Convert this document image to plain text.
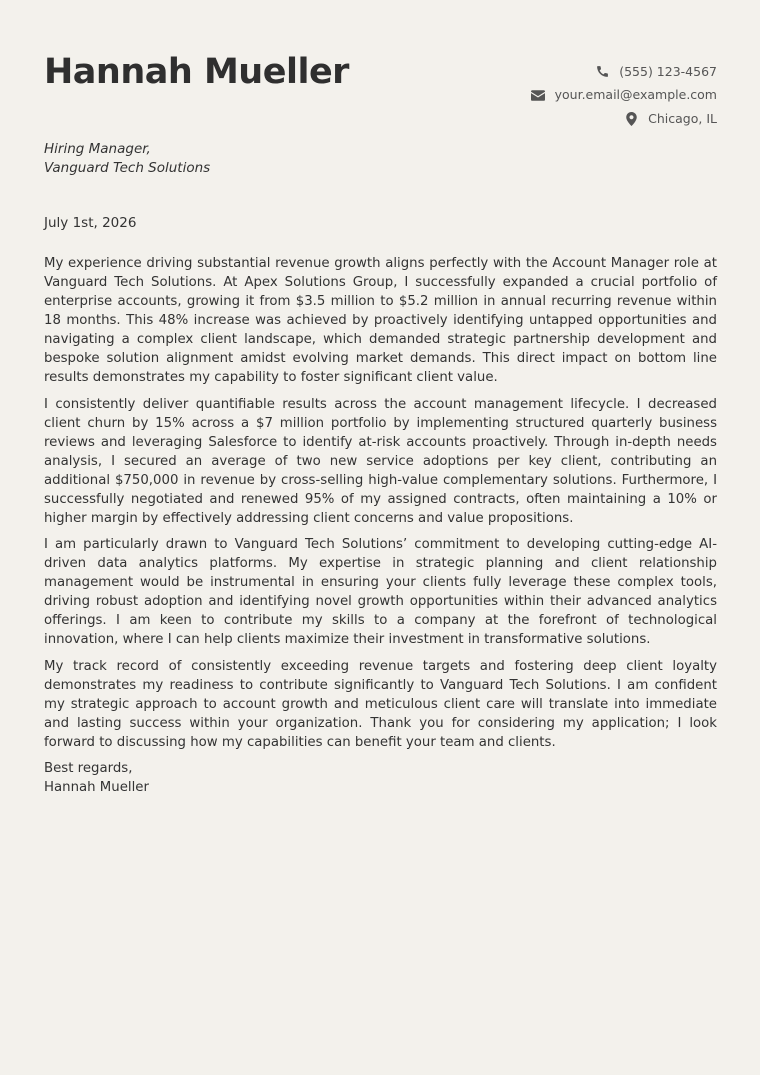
Hannah Mueller	(555) 123-4567
your.email@example.com
Chicago, IL
Hiring Manager,
Vanguard Tech Solutions
July 1st, 2026

My experience driving substantial revenue growth aligns perfectly with the Account Manager role at Vanguard Tech Solutions. At Apex Solutions Group, I successfully expanded a crucial portfolio of enterprise accounts, growing it from $3.5 million to $5.2 million in annual recurring revenue within 18 months. This 48% increase was achieved by proactively identifying untapped opportunities and navigating a complex client landscape, which demanded strategic partnership development and bespoke solution alignment amidst evolving market demands. This direct impact on bottom line results demonstrates my capability to foster significant client value.

I consistently deliver quantifiable results across the account management lifecycle. I decreased client churn by 15% across a $7 million portfolio by implementing structured quarterly business reviews and leveraging Salesforce to identify at-risk accounts proactively. Through in-depth needs analysis, I secured an average of two new service adoptions per key client, contributing an additional $750,000 in revenue by cross-selling high-value complementary solutions. Furthermore, I successfully negotiated and renewed 95% of my assigned contracts, often maintaining a 10% or higher margin by effectively addressing client concerns and value propositions.

I am particularly drawn to Vanguard Tech Solutions’ commitment to developing cutting-edge AI-driven data analytics platforms. My expertise in strategic planning and client relationship management would be instrumental in ensuring your clients fully leverage these complex tools, driving robust adoption and identifying novel growth opportunities within their advanced analytics offerings. I am keen to contribute my skills to a company at the forefront of technological innovation, where I can help clients maximize their investment in transformative solutions.

My track record of consistently exceeding revenue targets and fostering deep client loyalty demonstrates my readiness to contribute significantly to Vanguard Tech Solutions. I am confident my strategic approach to account growth and meticulous client care will translate into immediate and lasting success within your organization. Thank you for considering my application; I look forward to discussing how my capabilities can benefit your team and clients.

Best regards,

Hannah Mueller
